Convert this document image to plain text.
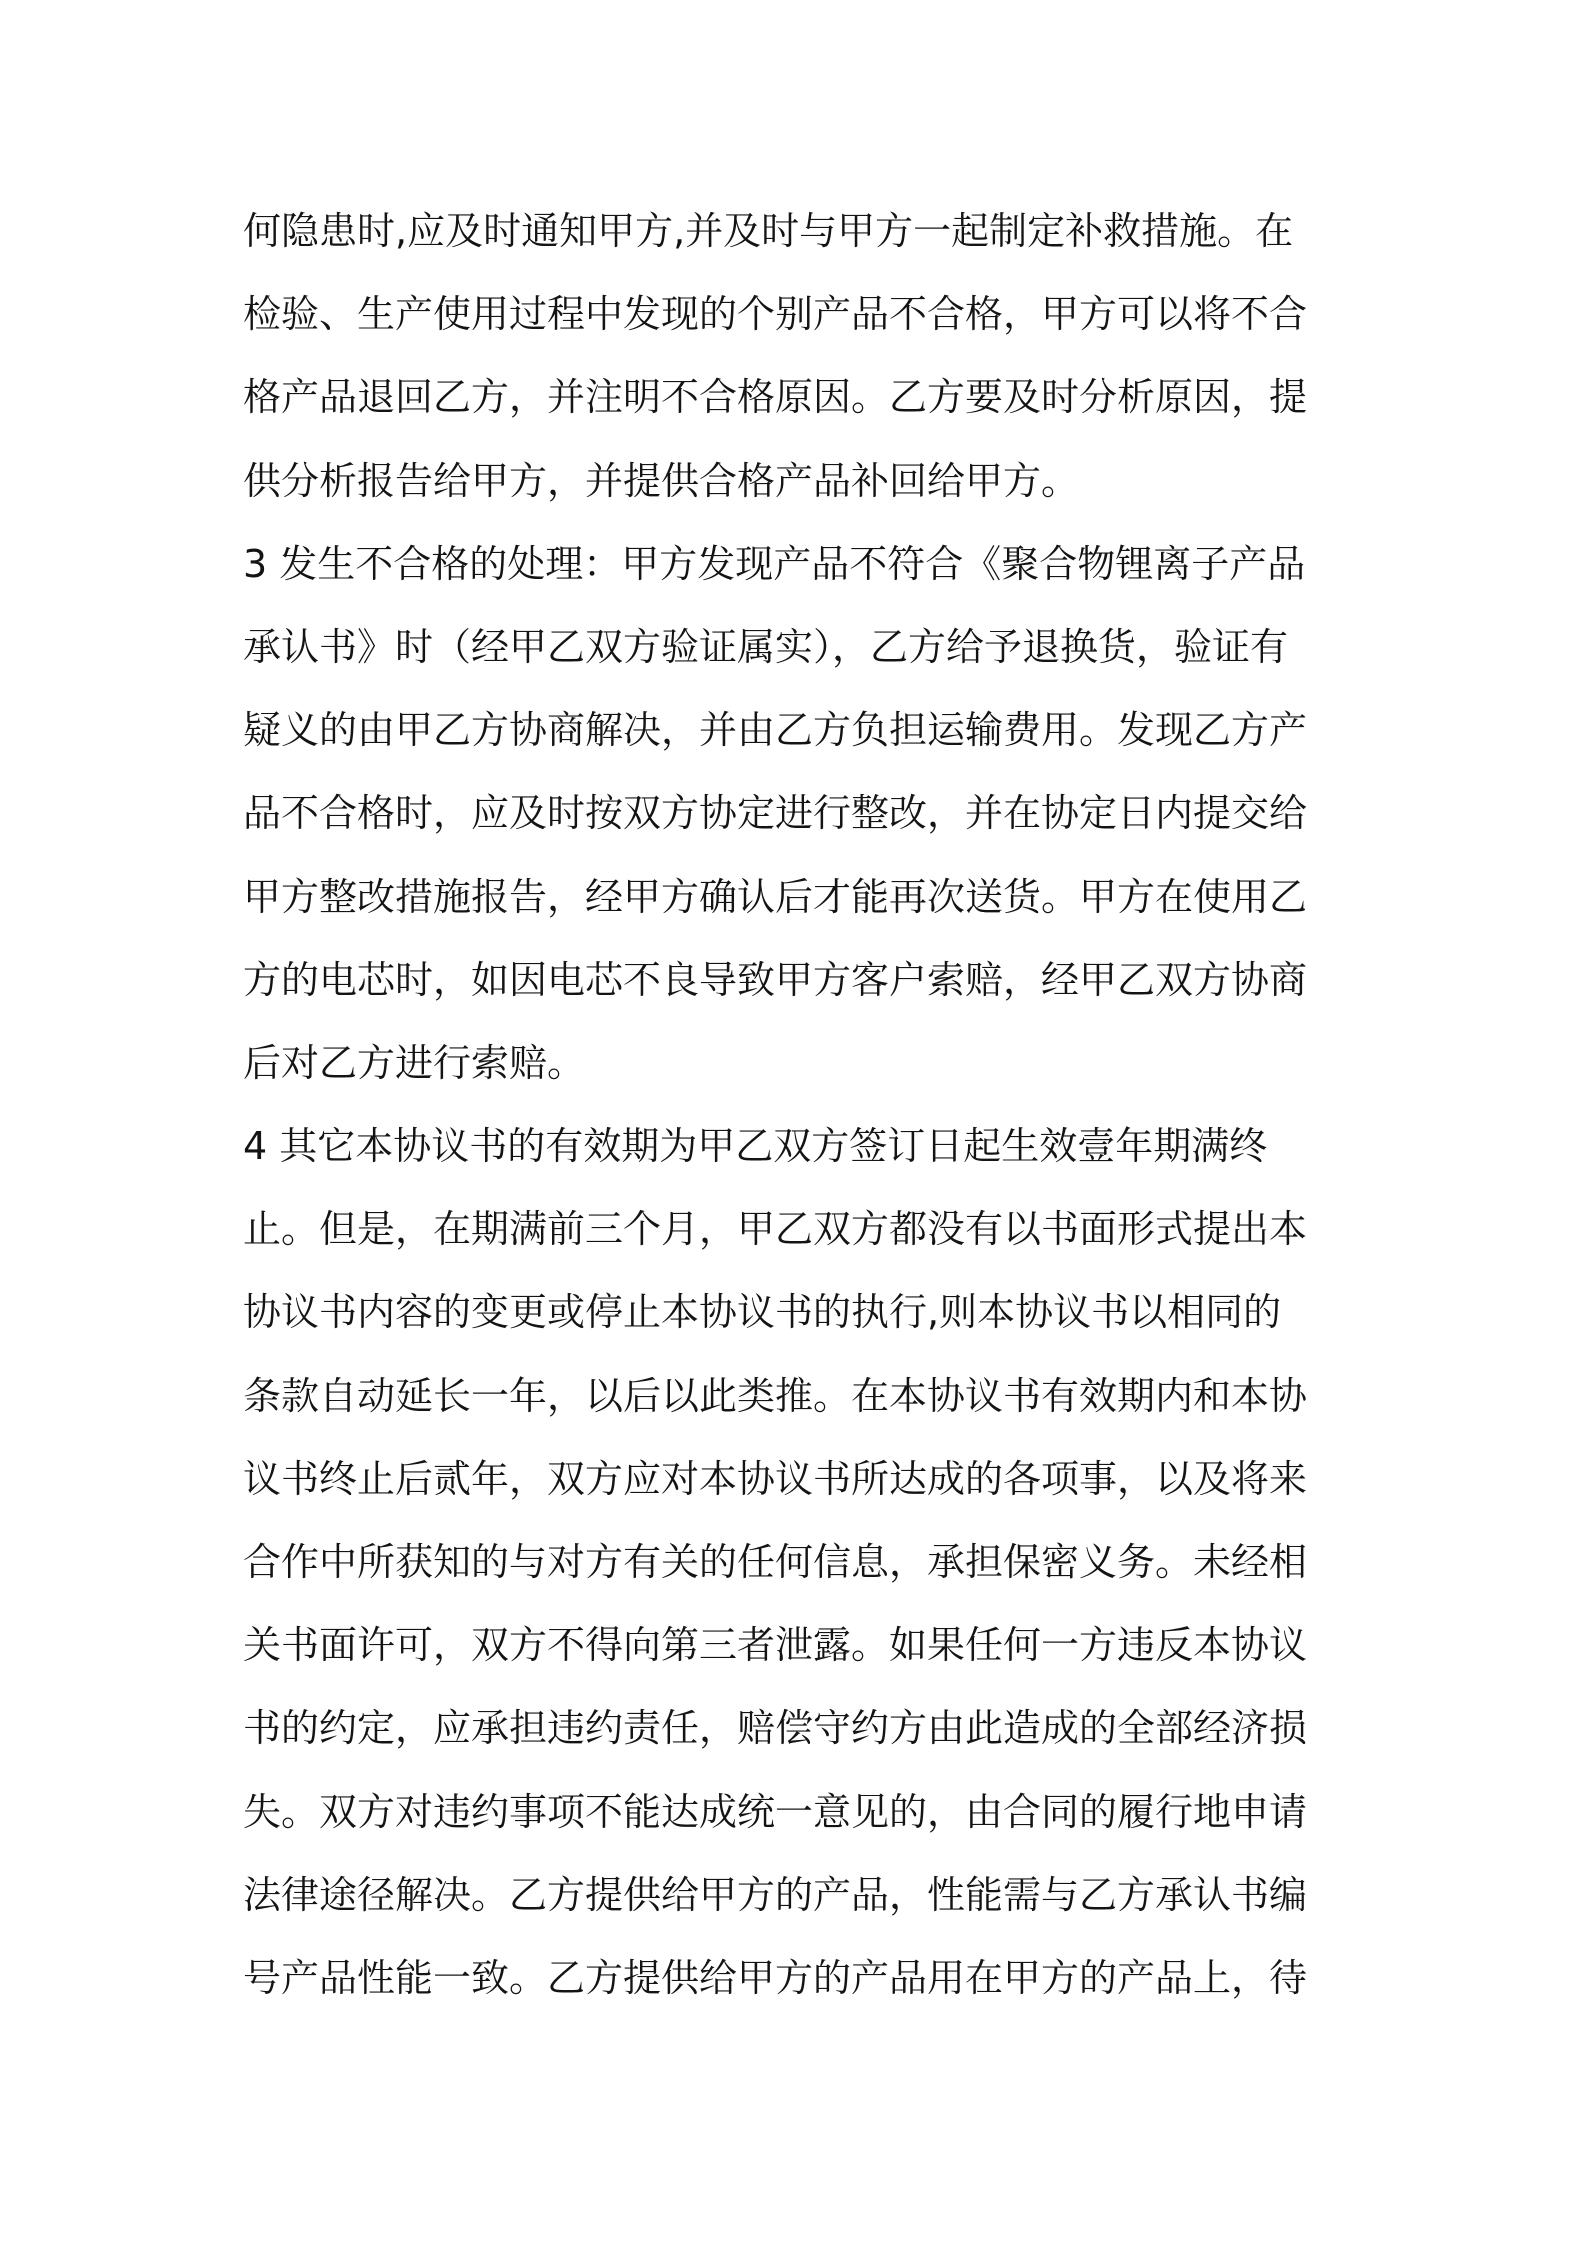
何隐患时,应及时通知甲方,并及时与甲方一起制定补救措施。在
检验、生产使用过程中发现的个别产品不合格，甲方可以将不合
格产品退回乙方，并注明不合格原因。乙方要及时分析原因，提
供分析报告给甲方，并提供合格产品补回给甲方。
3 发生不合格的处理：甲方发现产品不符合《聚合物锂离子产品
承认书》时（经甲乙双方验证属实），乙方给予退换货，验证有
疑义的由甲乙方协商解决，并由乙方负担运输费用。发现乙方产
品不合格时，应及时按双方协定进行整改，并在协定日内提交给
甲方整改措施报告，经甲方确认后才能再次送货。甲方在使用乙
方的电芯时，如因电芯不良导致甲方客户索赔，经甲乙双方协商
后对乙方进行索赔。
4 其它本协议书的有效期为甲乙双方签订日起生效壹年期满终
止。但是，在期满前三个月，甲乙双方都没有以书面形式提出本
协议书内容的变更或停止本协议书的执行,则本协议书以相同的
条款自动延长一年，以后以此类推。在本协议书有效期内和本协
议书终止后贰年，双方应对本协议书所达成的各项事，以及将来
合作中所获知的与对方有关的任何信息，承担保密义务。未经相
关书面许可，双方不得向第三者泄露。如果任何一方违反本协议
书的约定，应承担违约责任，赔偿守约方由此造成的全部经济损
失。双方对违约事项不能达成统一意见的，由合同的履行地申请
法律途径解决。乙方提供给甲方的产品，性能需与乙方承认书编
号产品性能一致。乙方提供给甲方的产品用在甲方的产品上，待
